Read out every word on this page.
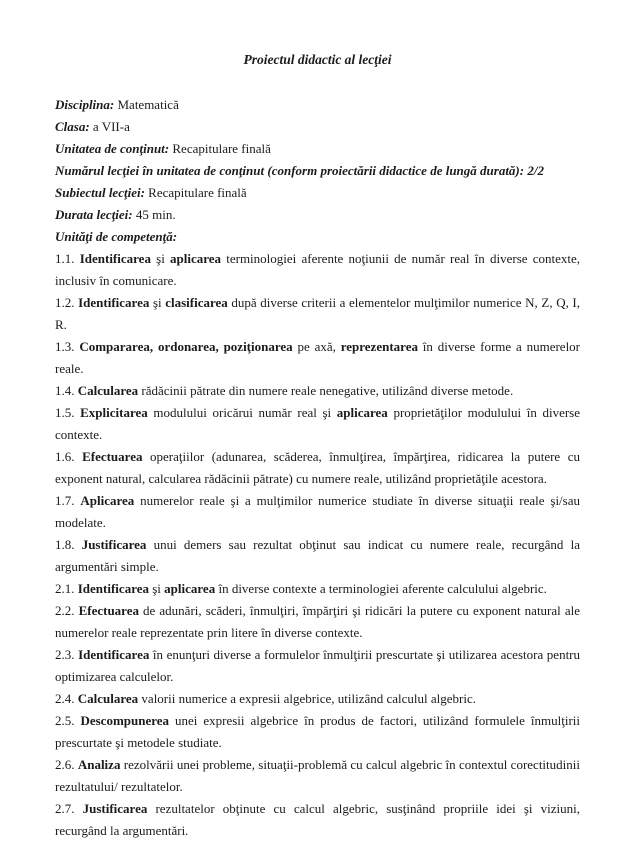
Proiectul didactic al lecţiei
Disciplina: Matematică
Clasa: a VII-a
Unitatea de conţinut: Recapitulare finală
Numărul lecţiei în unitatea de conţinut (conform proiectării didactice de lungă durată): 2/2
Subiectul lecţiei: Recapitulare finală
Durata lecţiei: 45 min.
Unităţi de competenţă:

1.1. Identificarea şi aplicarea terminologiei aferente noţiunii de număr real în diverse contexte, inclusiv în comunicare.

1.2. Identificarea şi clasificarea după diverse criterii a elementelor mulţimilor numerice N, Z, Q, I, R.

1.3. Compararea, ordonarea, poziţionarea pe axă, reprezentarea în diverse forme a numerelor reale.

1.4. Calcularea rădăcinii pătrate din numere reale nenegative, utilizând diverse metode.

1.5. Explicitarea modulului oricărui număr real şi aplicarea proprietăţilor modulului în diverse contexte.

1.6. Efectuarea operaţiilor (adunarea, scăderea, înmulţirea, împărţirea, ridicarea la putere cu exponent natural, calcularea rădăcinii pătrate) cu numere reale, utilizând proprietăţile acestora.

1.7. Aplicarea numerelor reale şi a mulţimilor numerice studiate în diverse situaţii reale şi/sau modelate.

1.8. Justificarea unui demers sau rezultat obţinut sau indicat cu numere reale, recurgând la argumentări simple.

2.1. Identificarea şi aplicarea în diverse contexte a terminologiei aferente calculului algebric.

2.2. Efectuarea de adunări, scăderi, înmulţiri, împărţiri şi ridicări la putere cu exponent natural ale numerelor reale reprezentate prin litere în diverse contexte.

2.3. Identificarea în enunţuri diverse a formulelor înmulţirii prescurtate şi utilizarea acestora pentru optimizarea calculelor.

2.4. Calcularea valorii numerice a expresii algebrice, utilizând calculul algebric.

2.5. Descompunerea unei expresii algebrice în produs de factori, utilizând formulele înmulţirii prescurtate şi metodele studiate.

2.6. Analiza rezolvării unei probleme, situaţii-problemă cu calcul algebric în contextul corectitudinii rezultatului/ rezultatelor.

2.7. Justificarea rezultatelor obţinute cu calcul algebric, susţinând propriile idei şi viziuni, recurgând la argumentări.
